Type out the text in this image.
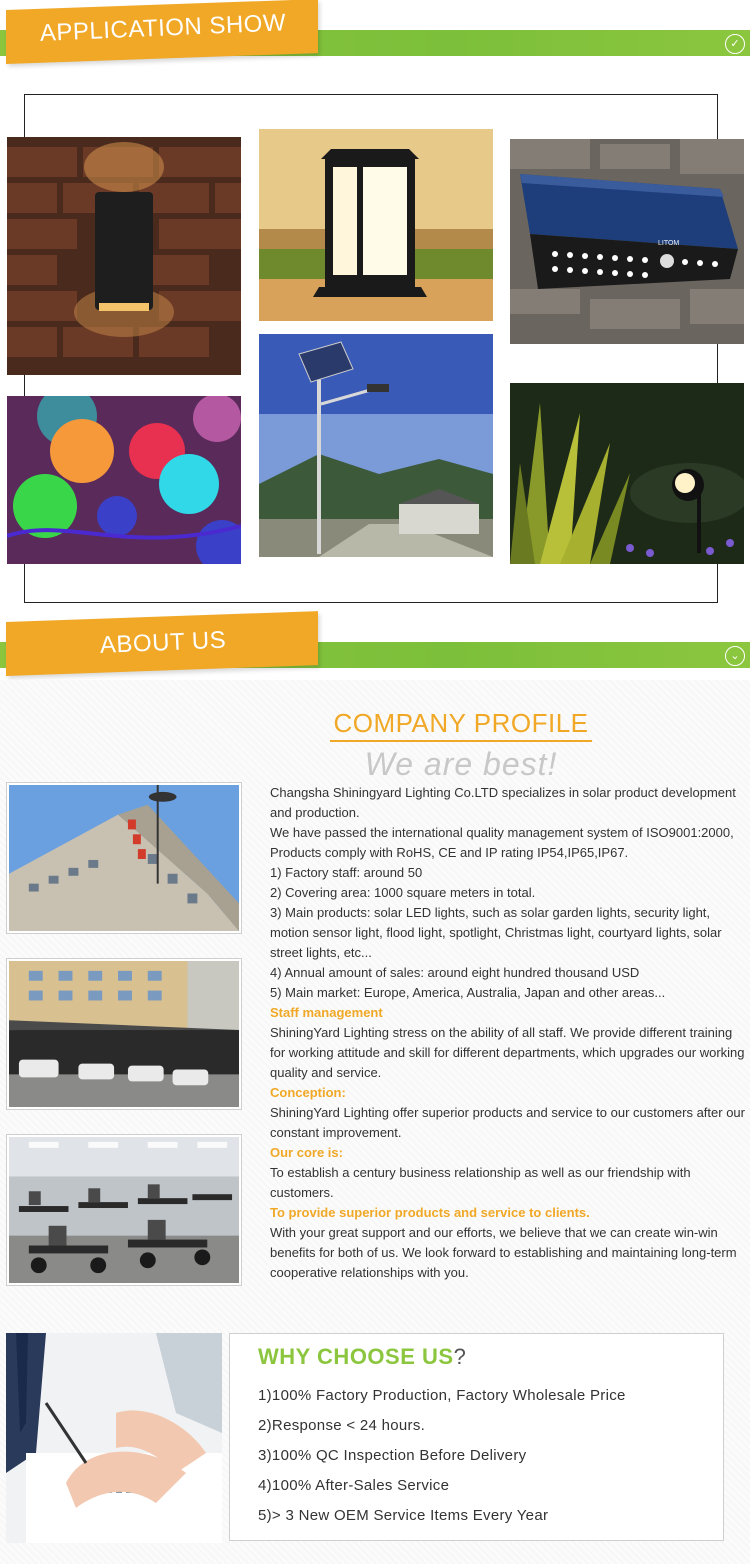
APPLICATION SHOW	✓
LITOM
ABOUT US	⌄
COMPANY PROFILE
We are best!

Changsha Shiningyard Lighting Co.LTD specializes in solar product development and production.

We have passed the international quality management system of ISO9001:2000, Products comply with RoHS, CE and IP rating IP54,IP65,IP67.

1) Factory staff: around 50

2) Covering area: 1000 square meters in total.

3) Main products: solar LED lights, such as solar garden lights, security light, motion sensor light, flood light, spotlight, Christmas light, courtyard lights, solar street lights, etc...

4) Annual amount of sales: around eight hundred thousand USD

5) Main market: Europe, America, Australia, Japan and other areas...

Staff management

ShiningYard Lighting stress on the ability of all staff. We provide different training for working attitude and skill for different departments, which upgrades our working quality and service.

Conception:

ShiningYard Lighting offer superior products and service to our customers after our constant improvement.

Our core is:

To establish a century business relationship as well as our friendship with customers.

To provide superior products and service to clients.

With your great support and our efforts, we believe that we can create win-win benefits for both of us. We look forward to establishing and maintaining long-term cooperative relationships with you.

WHY CHOOSE US?
1)100% Factory Production, Factory Wholesale Price
2)Response < 24 hours.
3)100% QC Inspection Before Delivery
4)100% After-Sales Service
5)> 3 New OEM Service Items Every Year
